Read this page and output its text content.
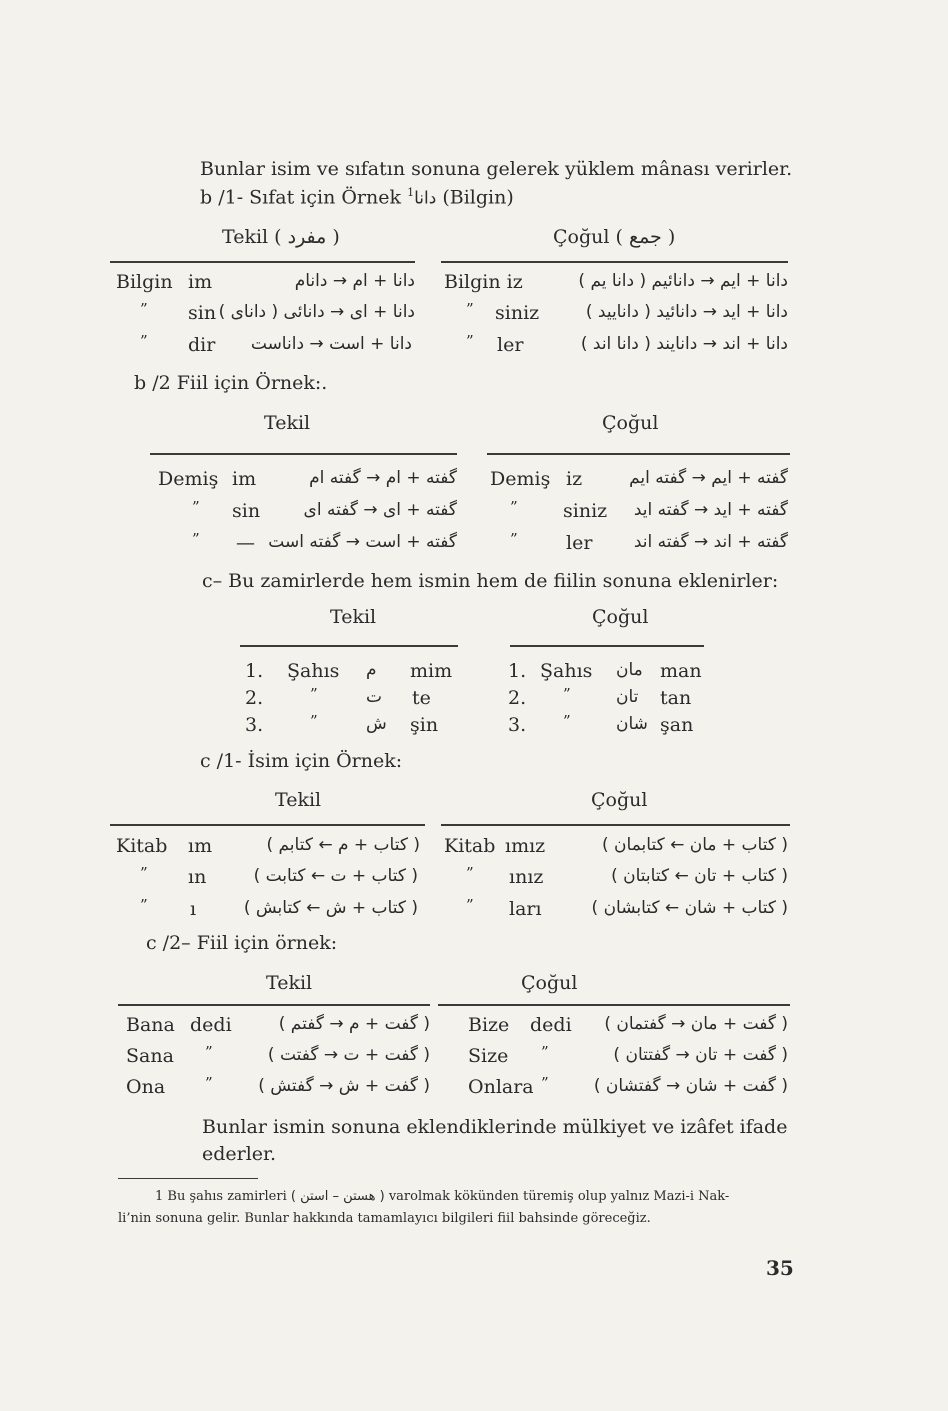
Bunlar isim ve sıfatın sonuna gelerek yüklem mânası verirler.
b /1- Sıfat için Örnek $^1$دانا (Bilgin)
Tekil ( مفرد )	Çoğul ( جمع )
Bilgin im	دانا + ام → دانام
” sin دانا + ای → دانائی ( دانای )
” dir دانا + است → داناست
Bilgin iz	دانا + ایم → دانائیم ( دانا یم )
” siniz	دانا + اید → دانائید ( دانایید )
” ler	دانا + اند → دانایند ( دانا اند )
b /2 Fiil için Örnek:.
Tekil	Çoğul
Demiş im	گفته + ام → گفته ام
” sin	گفته + ای → گفته ای
” — گفته + است → گفته است
Demiş iz	گفته + ایم → گفته ایم
” siniz	گفته + اید → گفته اید
”	ler	گفته + اند → گفته اند
c– Bu zamirlerde hem ismin hem de fiilin sonuna eklenirler:
Tekil	Çoğul
1. Şahıs م mim
2.	”	ت te
3.	”	ش şin
1. Şahıs مان man
2. ”	تان tan
3. ”	شان şan
c /1- İsim için Örnek:
Tekil	Çoğul
Kitab ım	( کتاب + م ← کتابم )
” ın	( کتاب + ت ← کتابت )
” ı	( کتاب + ش ← کتابش )
Kitab ımız	( کتاب + مان ← کتابمان )
” ınız	( کتاب + تان ← کتابتان )
” ları	( کتاب + شان ← کتابشان )
c /2– Fiil için örnek:
Tekil	Çoğul
Bana dedi	( گفت + م → گفتم )
Sana ”	( گفت + ت → گفتت )
Ona	”	( گفت + ش → گفتش )
Bize dedi	( گفت + مان → گفتمان )
Size ”	( گفت + تان → گفتتان )
Onlara ”	( گفت + شان → گفتشان )
Bunlar ismin sonuna eklendiklerinde mülkiyet ve izâfet ifade
ederler.
1 Bu şahıs zamirleri ( هستن – استن ) varolmak kökünden türemiş olup yalnız Mazi-i Nak-
li’nin sonuna gelir. Bunlar hakkında tamamlayıcı bilgileri fiil bahsinde göreceğiz.
35
